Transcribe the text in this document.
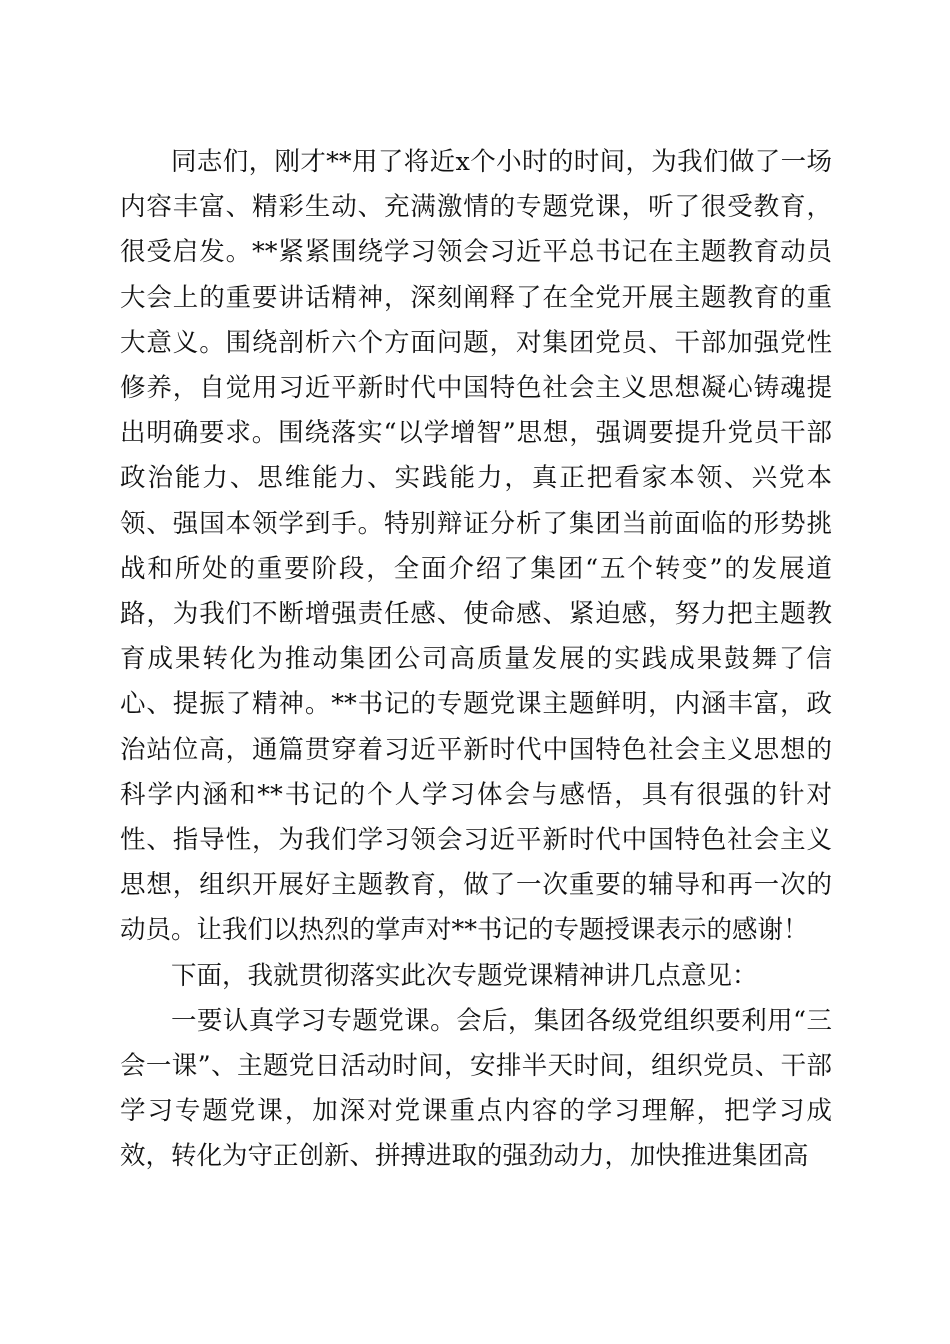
同志们，刚才**用了将近x个小时的时间，为我们做了一场内容丰富、精彩生动、充满激情的专题党课，听了很受教育，很受启发。**紧紧围绕学习领会习近平总书记在主题教育动员大会上的重要讲话精神，深刻阐释了在全党开展主题教育的重大意义。围绕剖析六个方面问题，对集团党员、干部加强党性修养，自觉用习近平新时代中国特色社会主义思想凝心铸魂提出明确要求。围绕落实“以学增智”思想，强调要提升党员干部政治能力、思维能力、实践能力，真正把看家本领、兴党本领、强国本领学到手。特别辩证分析了集团当前面临的形势挑战和所处的重要阶段，全面介绍了集团“五个转变”的发展道路，为我们不断增强责任感、使命感、紧迫感，努力把主题教育成果转化为推动集团公司高质量发展的实践成果鼓舞了信心、提振了精神。**书记的专题党课主题鲜明，内涵丰富，政治站位高，通篇贯穿着习近平新时代中国特色社会主义思想的科学内涵和**书记的个人学习体会与感悟，具有很强的针对性、指导性，为我们学习领会习近平新时代中国特色社会主义思想，组织开展好主题教育，做了一次重要的辅导和再一次的动员。让我们以热烈的掌声对**书记的专题授课表示的感谢！

下面，我就贯彻落实此次专题党课精神讲几点意见：

一要认真学习专题党课。会后，集团各级党组织要利用“三会一课”、主题党日活动时间，安排半天时间，组织党员、干部学习专题党课，加深对党课重点内容的学习理解，把学习成效，转化为守正创新、拼搏进取的强劲动力，加快推进集团高
